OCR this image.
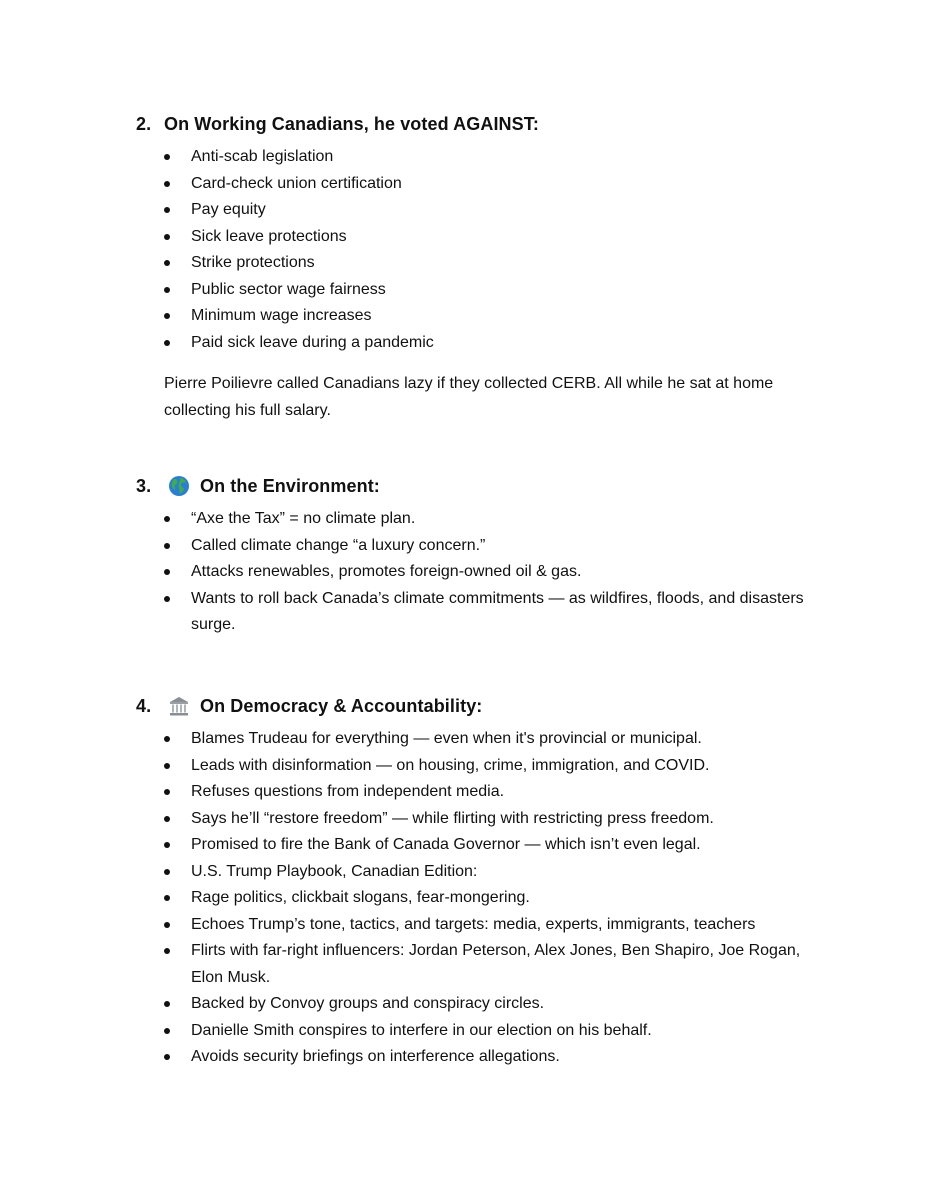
2. On Working Canadians, he voted AGAINST:
Anti-scab legislation
Card-check union certification
Pay equity
Sick leave protections
Strike protections
Public sector wage fairness
Minimum wage increases
Paid sick leave during a pandemic

Pierre Poilievre called Canadians lazy if they collected CERB. All while he sat at home collecting his full salary.

3.	On the Environment:
“Axe the Tax” = no climate plan.
Called climate change “a luxury concern.”
Attacks renewables, promotes foreign-owned oil & gas.
Wants to roll back Canada’s climate commitments — as wildfires, floods, and disasters surge.
4.	On Democracy & Accountability:
Blames Trudeau for everything — even when it's provincial or municipal.
Leads with disinformation — on housing, crime, immigration, and COVID.
Refuses questions from independent media.
Says he’ll “restore freedom” — while flirting with restricting press freedom.
Promised to fire the Bank of Canada Governor — which isn’t even legal.
U.S. Trump Playbook, Canadian Edition:
Rage politics, clickbait slogans, fear-mongering.
Echoes Trump’s tone, tactics, and targets: media, experts, immigrants, teachers
Flirts with far-right influencers: Jordan Peterson, Alex Jones, Ben Shapiro, Joe Rogan, Elon Musk.
Backed by Convoy groups and conspiracy circles.
Danielle Smith conspires to interfere in our election on his behalf.
Avoids security briefings on interference allegations.
